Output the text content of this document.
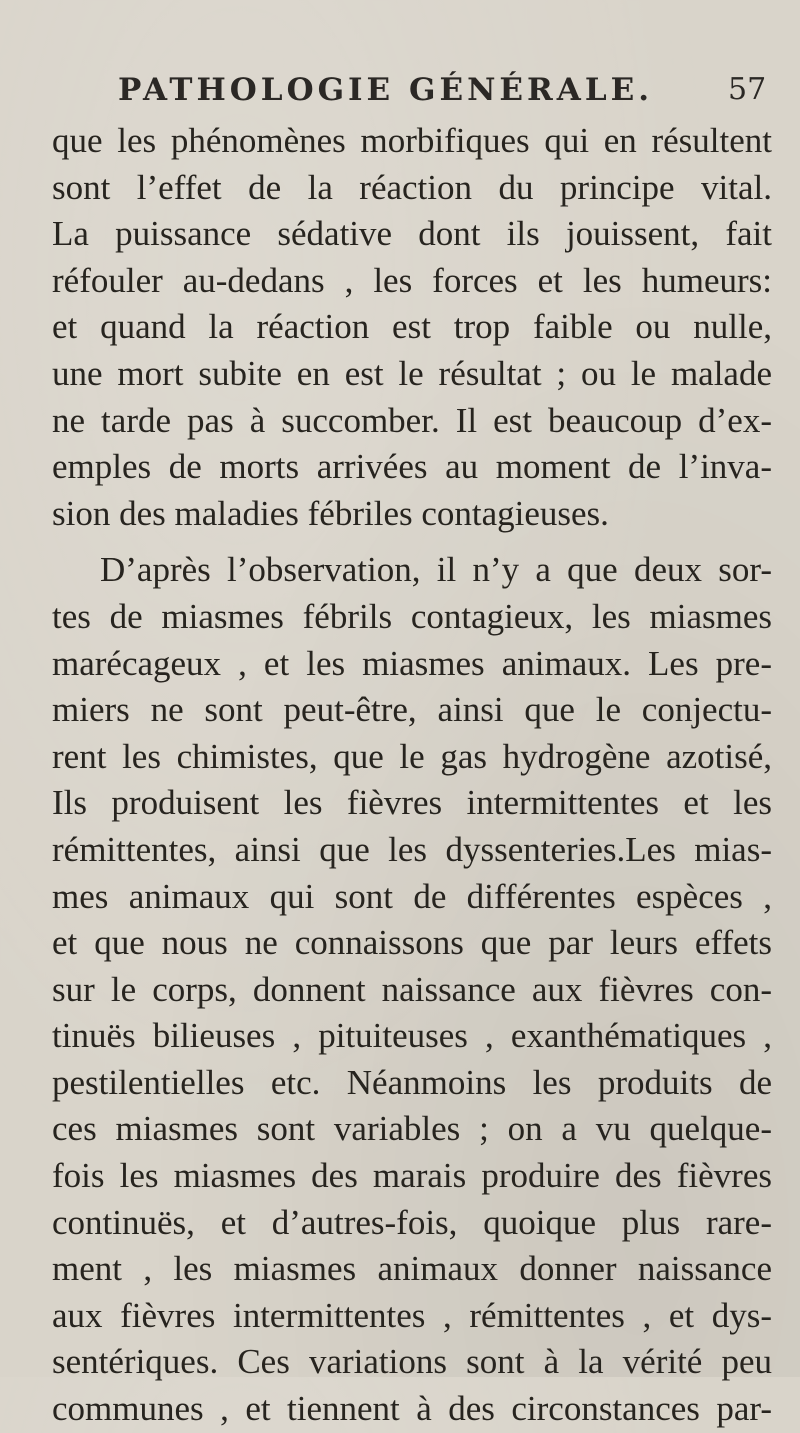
PATHOLOGIE GÉNÉRALE. 57
que les phénomènes morbifiques qui en résultent
sont l’effet de la réaction du principe vital.
La puissance sédative dont ils jouissent, fait
réfouler au-dedans , les forces et les humeurs:
et quand la réaction est trop faible ou nulle,
une mort subite en est le résultat ; ou le malade
ne tarde pas à succomber. Il est beaucoup d’ex-
emples de morts arrivées au moment de l’inva-
sion des maladies fébriles contagieuses.
D’après l’observation, il n’y a que deux sor-
tes de miasmes fébrils contagieux, les miasmes
marécageux , et les miasmes animaux. Les pre-
miers ne sont peut-être, ainsi que le conjectu-
rent les chimistes, que le gas hydrogène azotisé,
Ils produisent les fièvres intermittentes et les
rémittentes, ainsi que les dyssenteries.Les mias-
mes animaux qui sont de différentes espèces ,
et que nous ne connaissons que par leurs effets
sur le corps, donnent naissance aux fièvres con-
tinuës bilieuses , pituiteuses , exanthématiques ,
pestilentielles etc. Néanmoins les produits de
ces miasmes sont variables ; on a vu quelque-
fois les miasmes des marais produire des fièvres
continuës, et d’autres-fois, quoique plus rare-
ment , les miasmes animaux donner naissance
aux fièvres intermittentes , rémittentes , et dys-
sentériques. Ces variations sont à la vérité peu
communes , et tiennent à des circonstances par-
